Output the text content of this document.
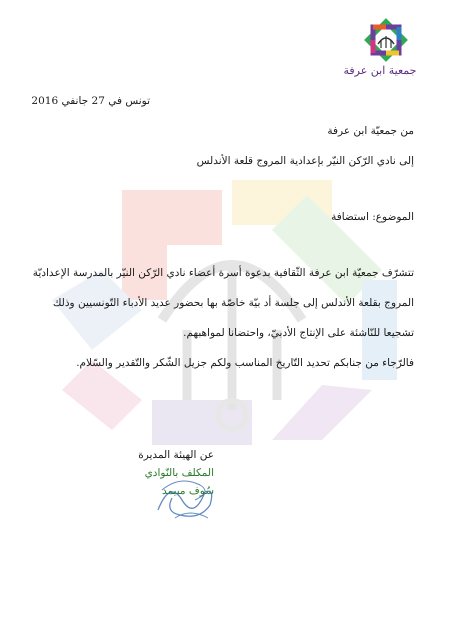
جمعية ابن عرفة
تونس في 27 جانفي 2016
من جمعيّة ابن عرفة
إلى نادي الرّكن النيّر بإعدادية المروج قلعة الأندلس
الموضوع: استضافة
تتشرّف جمعيّة ابن عرفة الثّقافية بدعوة أسرة أعضاء نادي الرّكن النيّر بالمدرسة الإعداديّة
المروج بقلعة الأندلس إلى جلسة أد بيّة خاصّة بها بحضور عديد الأدباء التّونسيين وذلك
تشجيعا للنّاشئة على الإنتاج الأدبيّ، واحتضانا لمواهبهم.
فالرّجاء من جنابكم تحديد التّاريخ المناسب ولكم جزيل الشّكر والتّقدير والسّلام.
عن الهيئة المديرة
المكلف بالنّوادي
سُوف مبيمد
